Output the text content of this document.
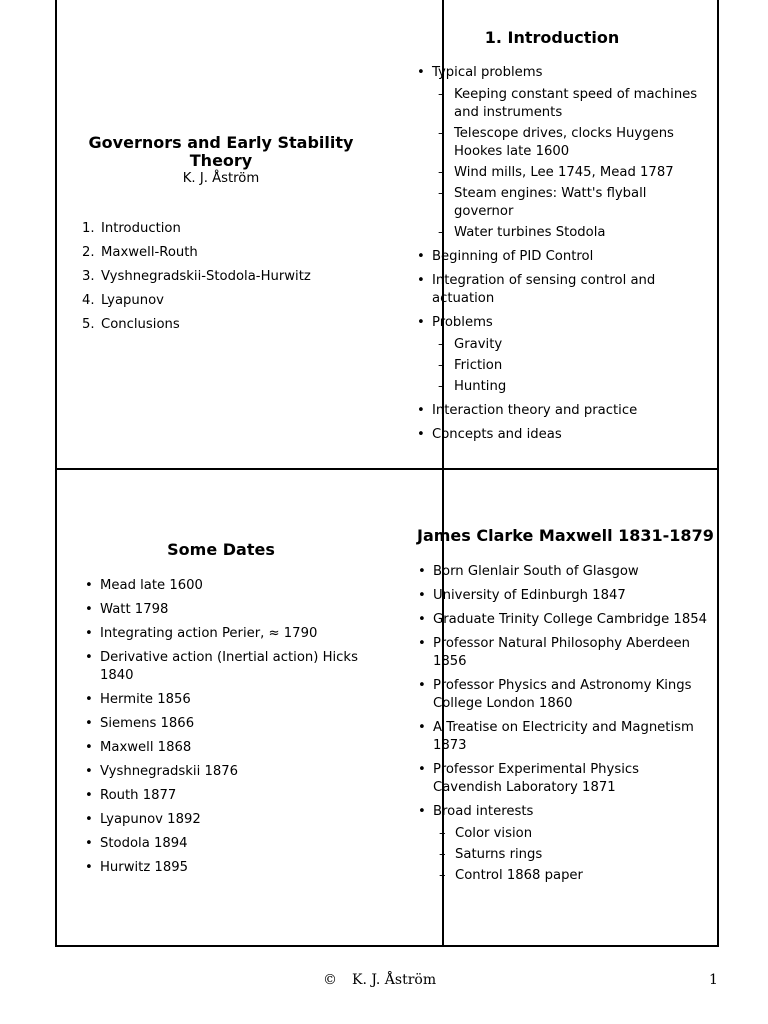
Governors and Early Stability Theory
K. J. Åström
1. Introduction
2. Maxwell-Routh
3. Vyshnegradskii-Stodola-Hurwitz
4. Lyapunov
5. Conclusions
1. Introduction
• Typical problems
– Keeping constant speed of machines and instruments
– Telescope drives, clocks Huygens Hookes late 1600
– Wind mills, Lee 1745, Mead 1787
– Steam engines: Watt's flyball governor
– Water turbines Stodola
• Beginning of PID Control
• Integration of sensing control and actuation
• Problems
– Gravity
– Friction
– Hunting
• Interaction theory and practice
• Concepts and ideas
Some Dates
• Mead late 1600
• Watt 1798
• Integrating action Perier, ≈ 1790
• Derivative action (Inertial action) Hicks 1840
• Hermite 1856
• Siemens 1866
• Maxwell 1868
• Vyshnegradskii 1876
• Routh 1877
• Lyapunov 1892
• Stodola 1894
• Hurwitz 1895
James Clarke Maxwell 1831-1879
• Born Glenlair South of Glasgow
• University of Edinburgh 1847
• Graduate Trinity College Cambridge 1854
• Professor Natural Philosophy Aberdeen 1856
• Professor Physics and Astronomy Kings College London 1860
• A Treatise on Electricity and Magnetism 1873
• Professor Experimental Physics Cavendish Laboratory 1871
• Broad interests
– Color vision
– Saturns rings
– Control 1868 paper
© K. J. Åström	1
